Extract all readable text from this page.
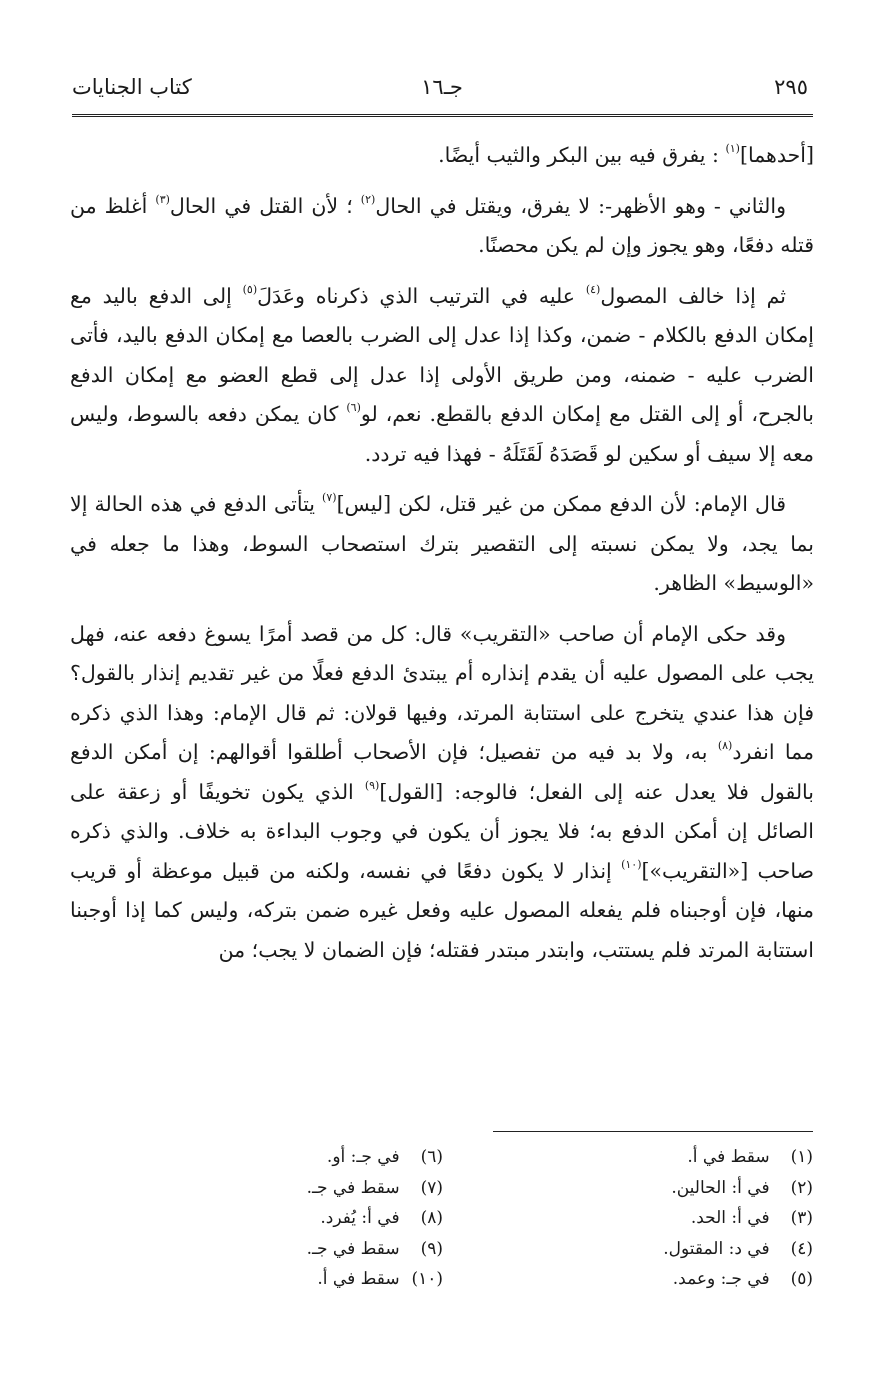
٢٩٥
جـ١٦
كتاب الجنايات

[أحدهما]$^{(١)}$ : يفرق فيه بين البكر والثيب أيضًا.

والثاني - وهو الأظهر-: لا يفرق، ويقتل في الحال$^{(٢)}$ ؛ لأن القتل في الحال$^{(٣)}$ أغلظ من قتله دفعًا، وهو يجوز وإن لم يكن محصنًا.

ثم إذا خالف المصول$^{(٤)}$ عليه في الترتيب الذي ذكرناه وعَدَلَ$^{(٥)}$ إلى الدفع باليد مع إمكان الدفع بالكلام - ضمن، وكذا إذا عدل إلى الضرب بالعصا مع إمكان الدفع باليد، فأتى الضرب عليه - ضمنه، ومن طريق الأولى إذا عدل إلى قطع العضو مع إمكان الدفع بالجرح، أو إلى القتل مع إمكان الدفع بالقطع. نعم، لو$^{(٦)}$ كان يمكن دفعه بالسوط، وليس معه إلا سيف أو سكين لو قَصَدَهُ لَقَتَلَهُ - فهذا فيه تردد.

قال الإمام: لأن الدفع ممكن من غير قتل، لكن [ليس]$^{(٧)}$ يتأتى الدفع في هذه الحالة إلا بما يجد، ولا يمكن نسبته إلى التقصير بترك استصحاب السوط، وهذا ما جعله في «الوسيط» الظاهر.

وقد حكى الإمام أن صاحب «التقريب» قال: كل من قصد أمرًا يسوغ دفعه عنه، فهل يجب على المصول عليه أن يقدم إنذاره أم يبتدئ الدفع فعلًا من غير تقديم إنذار بالقول؟ فإن هذا عندي يتخرج على استتابة المرتد، وفيها قولان: ثم قال الإمام: وهذا الذي ذكره مما انفرد$^{(٨)}$ به، ولا بد فيه من تفصيل؛ فإن الأصحاب أطلقوا أقوالهم: إن أمكن الدفع بالقول فلا يعدل عنه إلى الفعل؛ فالوجه: [القول]$^{(٩)}$ الذي يكون تخويفًا أو زعقة على الصائل إن أمكن الدفع به؛ فلا يجوز أن يكون في وجوب البداءة به خلاف. والذي ذكره صاحب [«التقريب»]$^{(١٠)}$ إنذار لا يكون دفعًا في نفسه، ولكنه من قبيل موعظة أو قريب منها، فإن أوجبناه فلم يفعله المصول عليه وفعل غيره ضمن بتركه، وليس كما إذا أوجبنا استتابة المرتد فلم يستتب، وابتدر مبتدر فقتله؛ فإن الضمان لا يجب؛ من

(١) سقط في أ.
(٢) في أ: الحالين.
(٣) في أ: الحد.
(٤) في د: المقتول.
(٥) في جـ: وعمد.
(٦) في جـ: أو.
(٧) سقط في جـ.
(٨) في أ: يُفرد.
(٩) سقط في جـ.
(١٠) سقط في أ.
